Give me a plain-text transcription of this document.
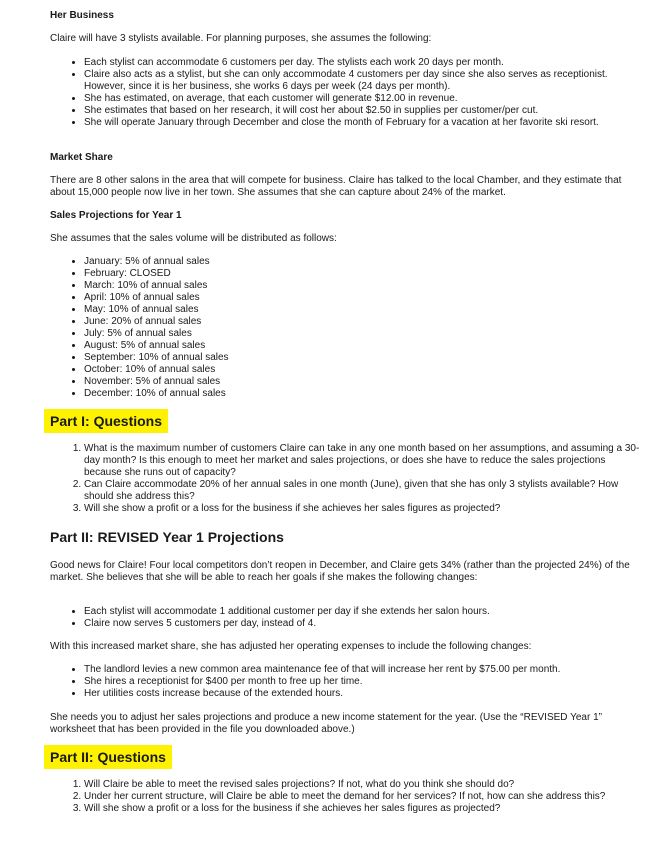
Her Business

Claire will have 3 stylists available. For planning purposes, she assumes the following:

• Each stylist can accommodate 6 customers per day. The stylists each work 20 days per month.
• Claire also acts as a stylist, but she can only accommodate 4 customers per day since she also serves as receptionist. However, since it is her business, she works 6 days per week (24 days per month).
• She has estimated, on average, that each customer will generate $12.00 in revenue.
• She estimates that based on her research, it will cost her about $2.50 in supplies per customer/per cut.
• She will operate January through December and close the month of February for a vacation at her favorite ski resort.
Market Share

There are 8 other salons in the area that will compete for business. Claire has talked to the local Chamber, and they estimate that about 15,000 people now live in her town. She assumes that she can capture about 24% of the market.

Sales Projections for Year 1

She assumes that the sales volume will be distributed as follows:

• January: 5% of annual sales
• February: CLOSED
• March: 10% of annual sales
• April: 10% of annual sales
• May: 10% of annual sales
• June: 20% of annual sales
• July: 5% of annual sales
• August: 5% of annual sales
• September: 10% of annual sales
• October: 10% of annual sales
• November: 5% of annual sales
• December: 10% of annual sales
Part I: Questions
1. What is the maximum number of customers Claire can take in any one month based on her assumptions, and assuming a 30-day month? Is this enough to meet her market and sales projections, or does she have to reduce the sales projections because she runs out of capacity?
2. Can Claire accommodate 20% of her annual sales in one month (June), given that she has only 3 stylists available? How should she address this?
3. Will she show a profit or a loss for the business if she achieves her sales figures as projected?
Part II: REVISED Year 1 Projections

Good news for Claire! Four local competitors don’t reopen in December, and Claire gets 34% (rather than the projected 24%) of the market. She believes that she will be able to reach her goals if she makes the following changes:

• Each stylist will accommodate 1 additional customer per day if she extends her salon hours.
• Claire now serves 5 customers per day, instead of 4.

With this increased market share, she has adjusted her operating expenses to include the following changes:

• The landlord levies a new common area maintenance fee of that will increase her rent by $75.00 per month.
• She hires a receptionist for $400 per month to free up her time.
• Her utilities costs increase because of the extended hours.

She needs you to adjust her sales projections and produce a new income statement for the year. (Use the “REVISED Year 1” worksheet that has been provided in the file you downloaded above.)

Part II: Questions
1. Will Claire be able to meet the revised sales projections? If not, what do you think she should do?
2. Under her current structure, will Claire be able to meet the demand for her services? If not, how can she address this?
3. Will she show a profit or a loss for the business if she achieves her sales figures as projected?
